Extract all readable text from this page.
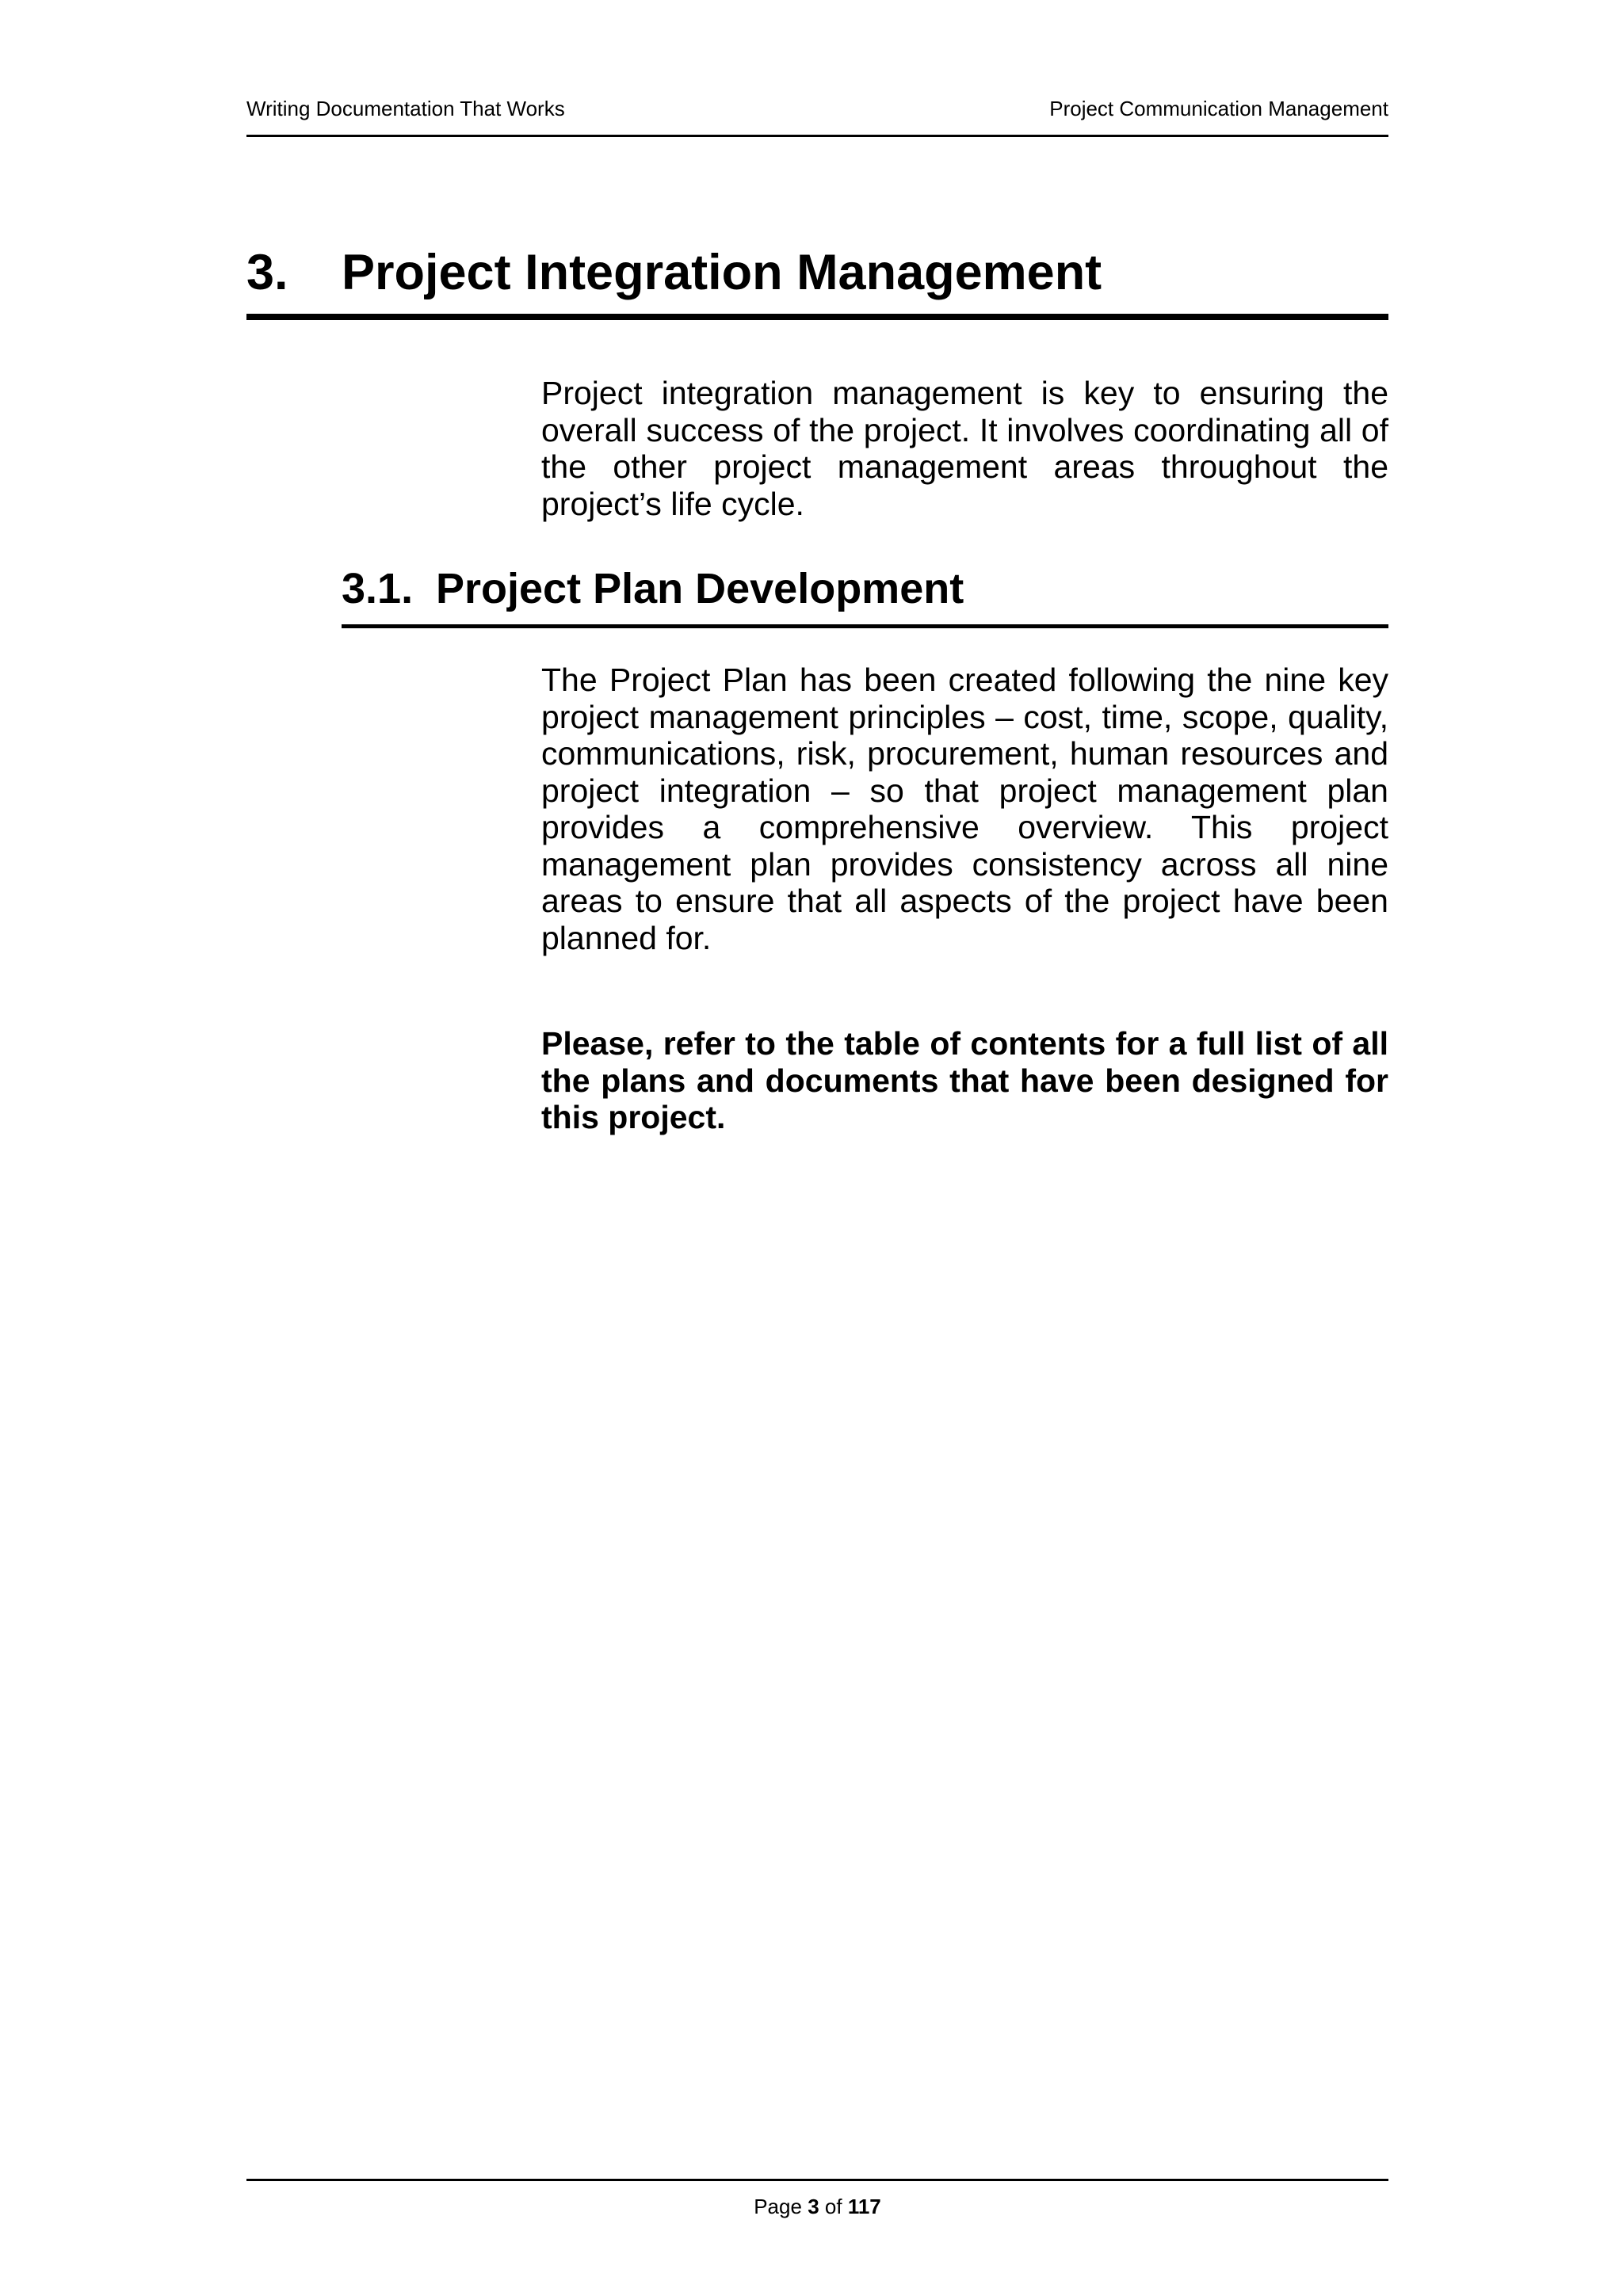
Writing Documentation That Works	Project Communication Management
3. Project Integration Management

Project integration management is key to ensuring the overall success of the project. It involves coordinating all of the other project management areas throughout the project’s life cycle.

3.1. Project Plan Development

The Project Plan has been created following the nine key project management principles – cost, time, scope, quality, communications, risk, procurement, human resources and project integration – so that project management plan provides a comprehensive overview. This project management plan provides consistency across all nine areas to ensure that all aspects of the project have been planned for.

Please, refer to the table of contents for a full list of all the plans and documents that have been designed for this project.

Page 3 of 117
